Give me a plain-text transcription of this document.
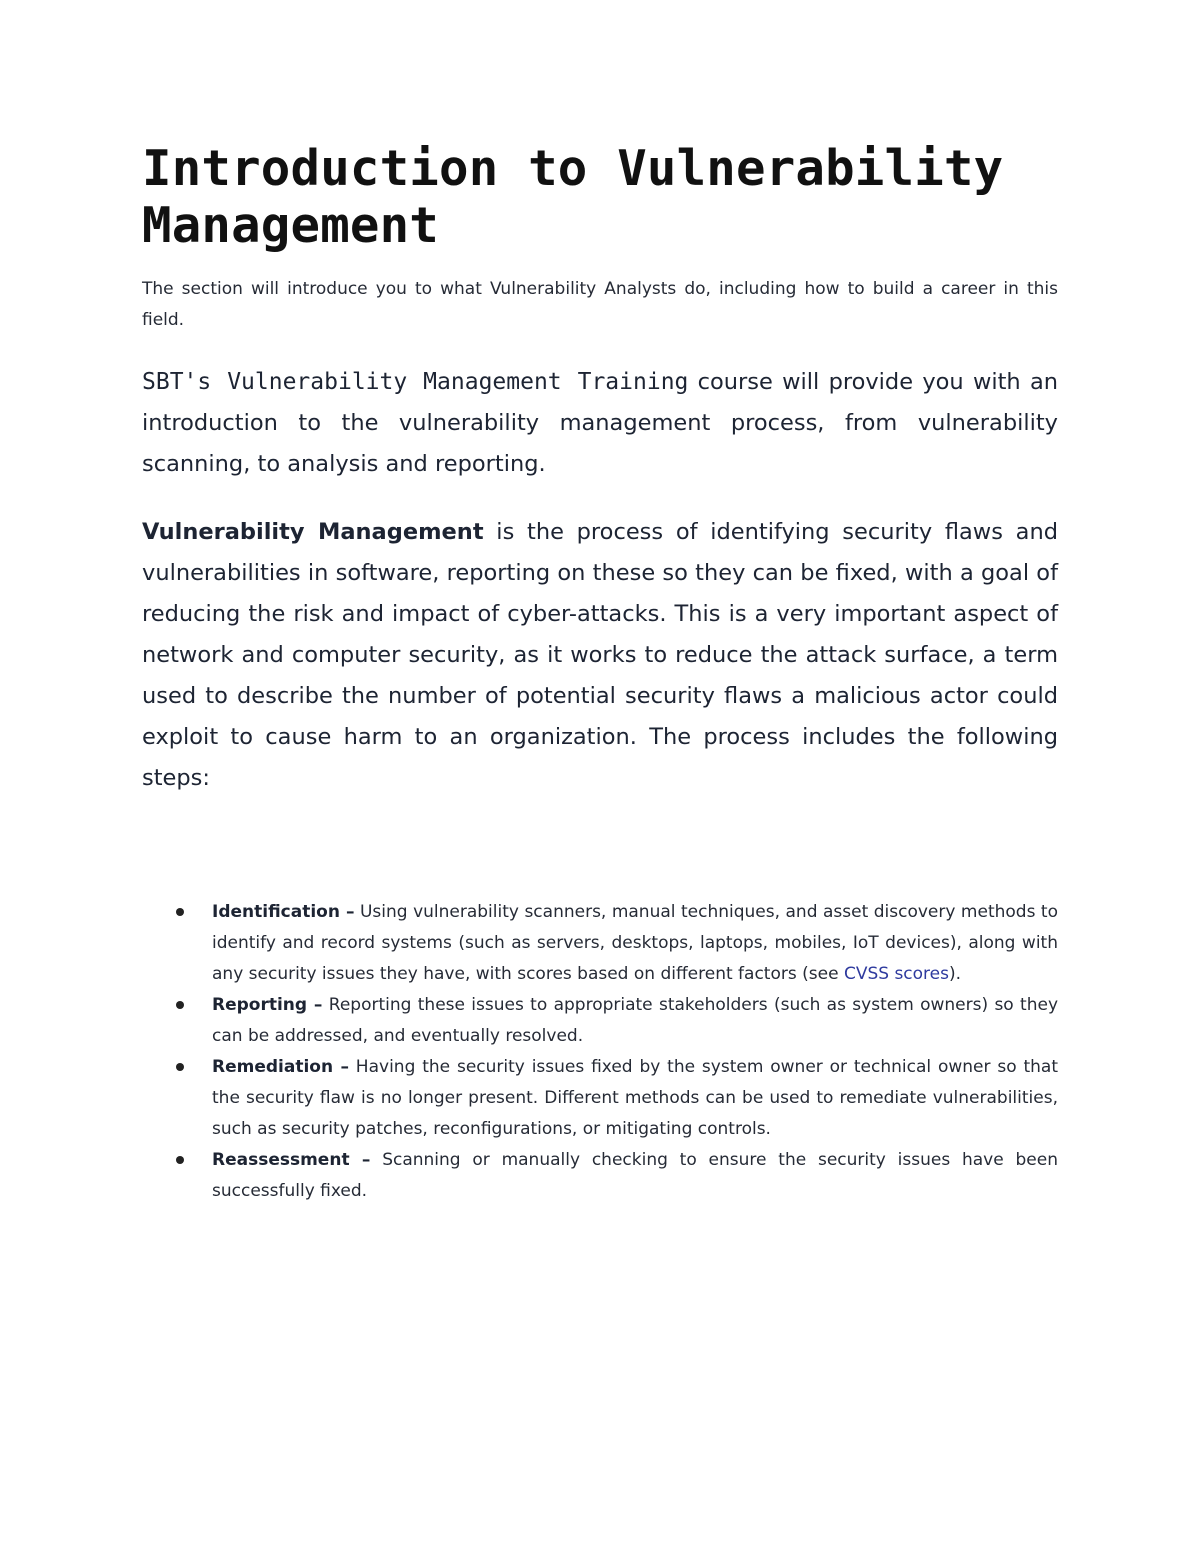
Introduction to Vulnerability
Management

The section will introduce you to what Vulnerability Analysts do, including how to build a career in this field.

SBT's Vulnerability Management Training course will provide you with an introduction to the vulnerability management process, from vulnerability scanning, to analysis and reporting.

Vulnerability Management is the process of identifying security flaws and vulnerabilities in software, reporting on these so they can be fixed, with a goal of reducing the risk and impact of cyber-attacks. This is a very important aspect of network and computer security, as it works to reduce the attack surface, a term used to describe the number of potential security flaws a malicious actor could exploit to cause harm to an organization. The process includes the following steps:

Identification – Using vulnerability scanners, manual techniques, and asset discovery methods to identify and record systems (such as servers, desktops, laptops, mobiles, IoT devices), along with any security issues they have, with scores based on different factors (see CVSS scores).
Reporting – Reporting these issues to appropriate stakeholders (such as system owners) so they can be addressed, and eventually resolved.
Remediation – Having the security issues fixed by the system owner or technical owner so that the security flaw is no longer present. Different methods can be used to remediate vulnerabilities, such as security patches, reconfigurations, or mitigating controls.
Reassessment – Scanning or manually checking to ensure the security issues have been successfully fixed.
